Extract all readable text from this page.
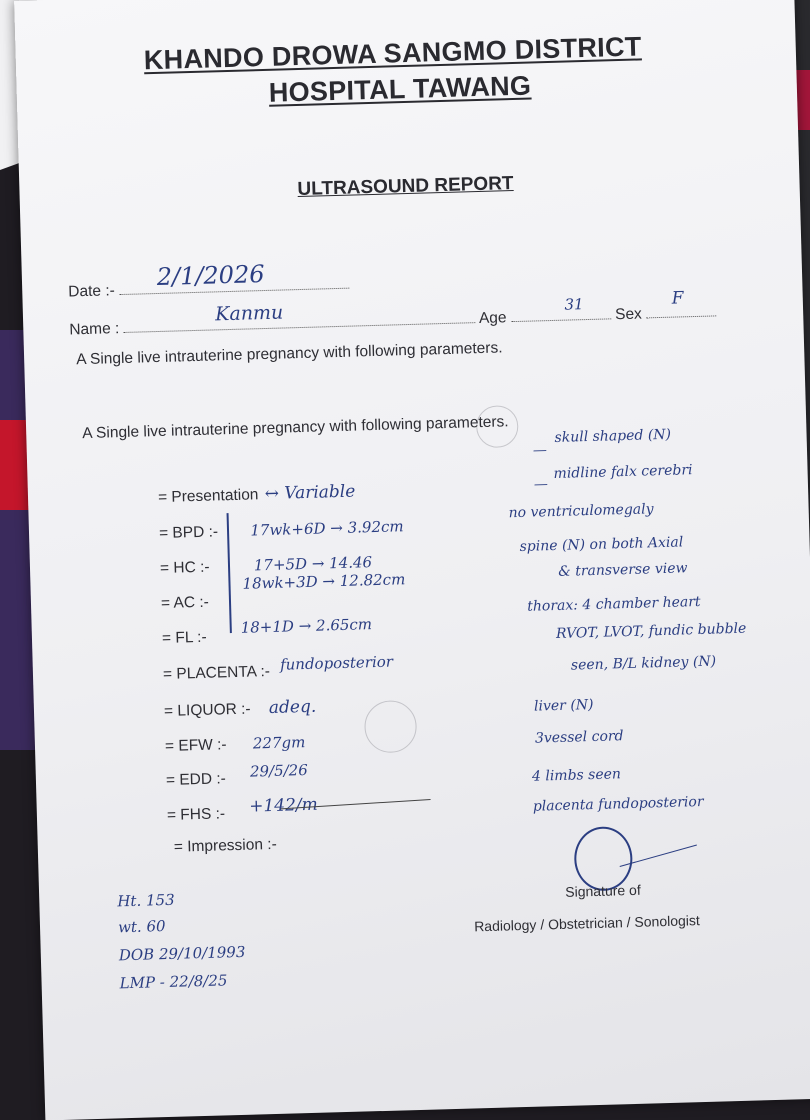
KHANDO DROWA SANGMO DISTRICT
HOSPITAL TAWANG
ULTRASOUND REPORT
Date :-
2/1/2026
Name :
Kanmu	Age
31
Sex
F
A Single live intrauterine pregnancy with following parameters.
A Single live intrauterine pregnancy with following parameters.
= Presentation ↔ Variable
= BPD :- 17wk+6D → 3.92cm
= HC :-	17+5D → 14.46
18wk+3D → 12.82cm
= AC :-
= FL :- 18+1D → 2.65cm
= PLACENTA :- fundoposterior
= LIQUOR :- adeq.
= EFW :- 227gm
= EDD :- 29/5/26
= FHS :- +142/m
= Impression :-
—
skull shaped (N)
—
midline falx cerebri
no ventriculomegaly
spine (N) on both Axial
& transverse view
thorax: 4 chamber heart
RVOT, LVOT, fundic bubble
seen, B/L kidney (N)
liver (N)
3vessel cord
4 limbs seen
placenta fundoposterior
Signature of
Radiology / Obstetrician / Sonologist
Ht. 153
wt. 60
DOB 29/10/1993
LMP - 22/8/25
